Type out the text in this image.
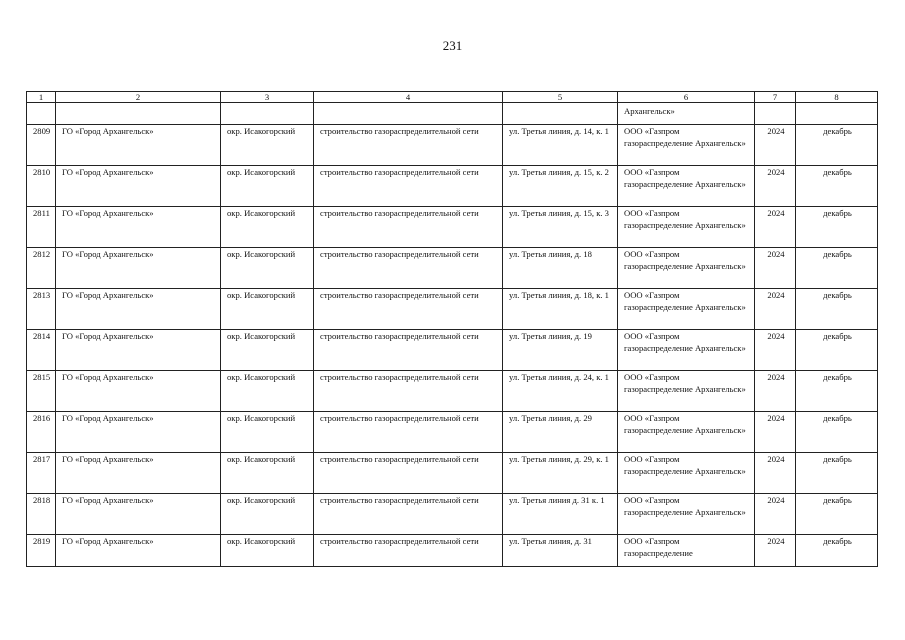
231
1	2	3	4	5	6	7	8
					Архангельск»		
2809	ГО «Город Архангельск»	окр. Исакогорский	строительство газораспределительной сети	ул. Третья линия, д. 14, к. 1	ООО «Газпром газораспределение Архангельск»	2024	декабрь
2810	ГО «Город Архангельск»	окр. Исакогорский	строительство газораспределительной сети	ул. Третья линия, д. 15, к. 2	ООО «Газпром газораспределение Архангельск»	2024	декабрь
2811	ГО «Город Архангельск»	окр. Исакогорский	строительство газораспределительной сети	ул. Третья линия, д. 15, к. 3	ООО «Газпром газораспределение Архангельск»	2024	декабрь
2812	ГО «Город Архангельск»	окр. Исакогорский	строительство газораспределительной сети	ул. Третья линия, д. 18	ООО «Газпром газораспределение Архангельск»	2024	декабрь
2813	ГО «Город Архангельск»	окр. Исакогорский	строительство газораспределительной сети	ул. Третья линия, д. 18, к. 1	ООО «Газпром газораспределение Архангельск»	2024	декабрь
2814	ГО «Город Архангельск»	окр. Исакогорский	строительство газораспределительной сети	ул. Третья линия, д. 19	ООО «Газпром газораспределение Архангельск»	2024	декабрь
2815	ГО «Город Архангельск»	окр. Исакогорский	строительство газораспределительной сети	ул. Третья линия, д. 24, к. 1	ООО «Газпром газораспределение Архангельск»	2024	декабрь
2816	ГО «Город Архангельск»	окр. Исакогорский	строительство газораспределительной сети	ул. Третья линия, д. 29	ООО «Газпром газораспределение Архангельск»	2024	декабрь
2817	ГО «Город Архангельск»	окр. Исакогорский	строительство газораспределительной сети	ул. Третья линия, д. 29, к. 1	ООО «Газпром газораспределение Архангельск»	2024	декабрь
2818	ГО «Город Архангельск»	окр. Исакогорский	строительство газораспределительной сети	ул. Третья линия д. 31 к. 1	ООО «Газпром газораспределение Архангельск»	2024	декабрь
2819	ГО «Город Архангельск»	окр. Исакогорский	строительство газораспределительной сети	ул. Третья линия, д. 31	ООО «Газпром газораспределение	2024	декабрь
